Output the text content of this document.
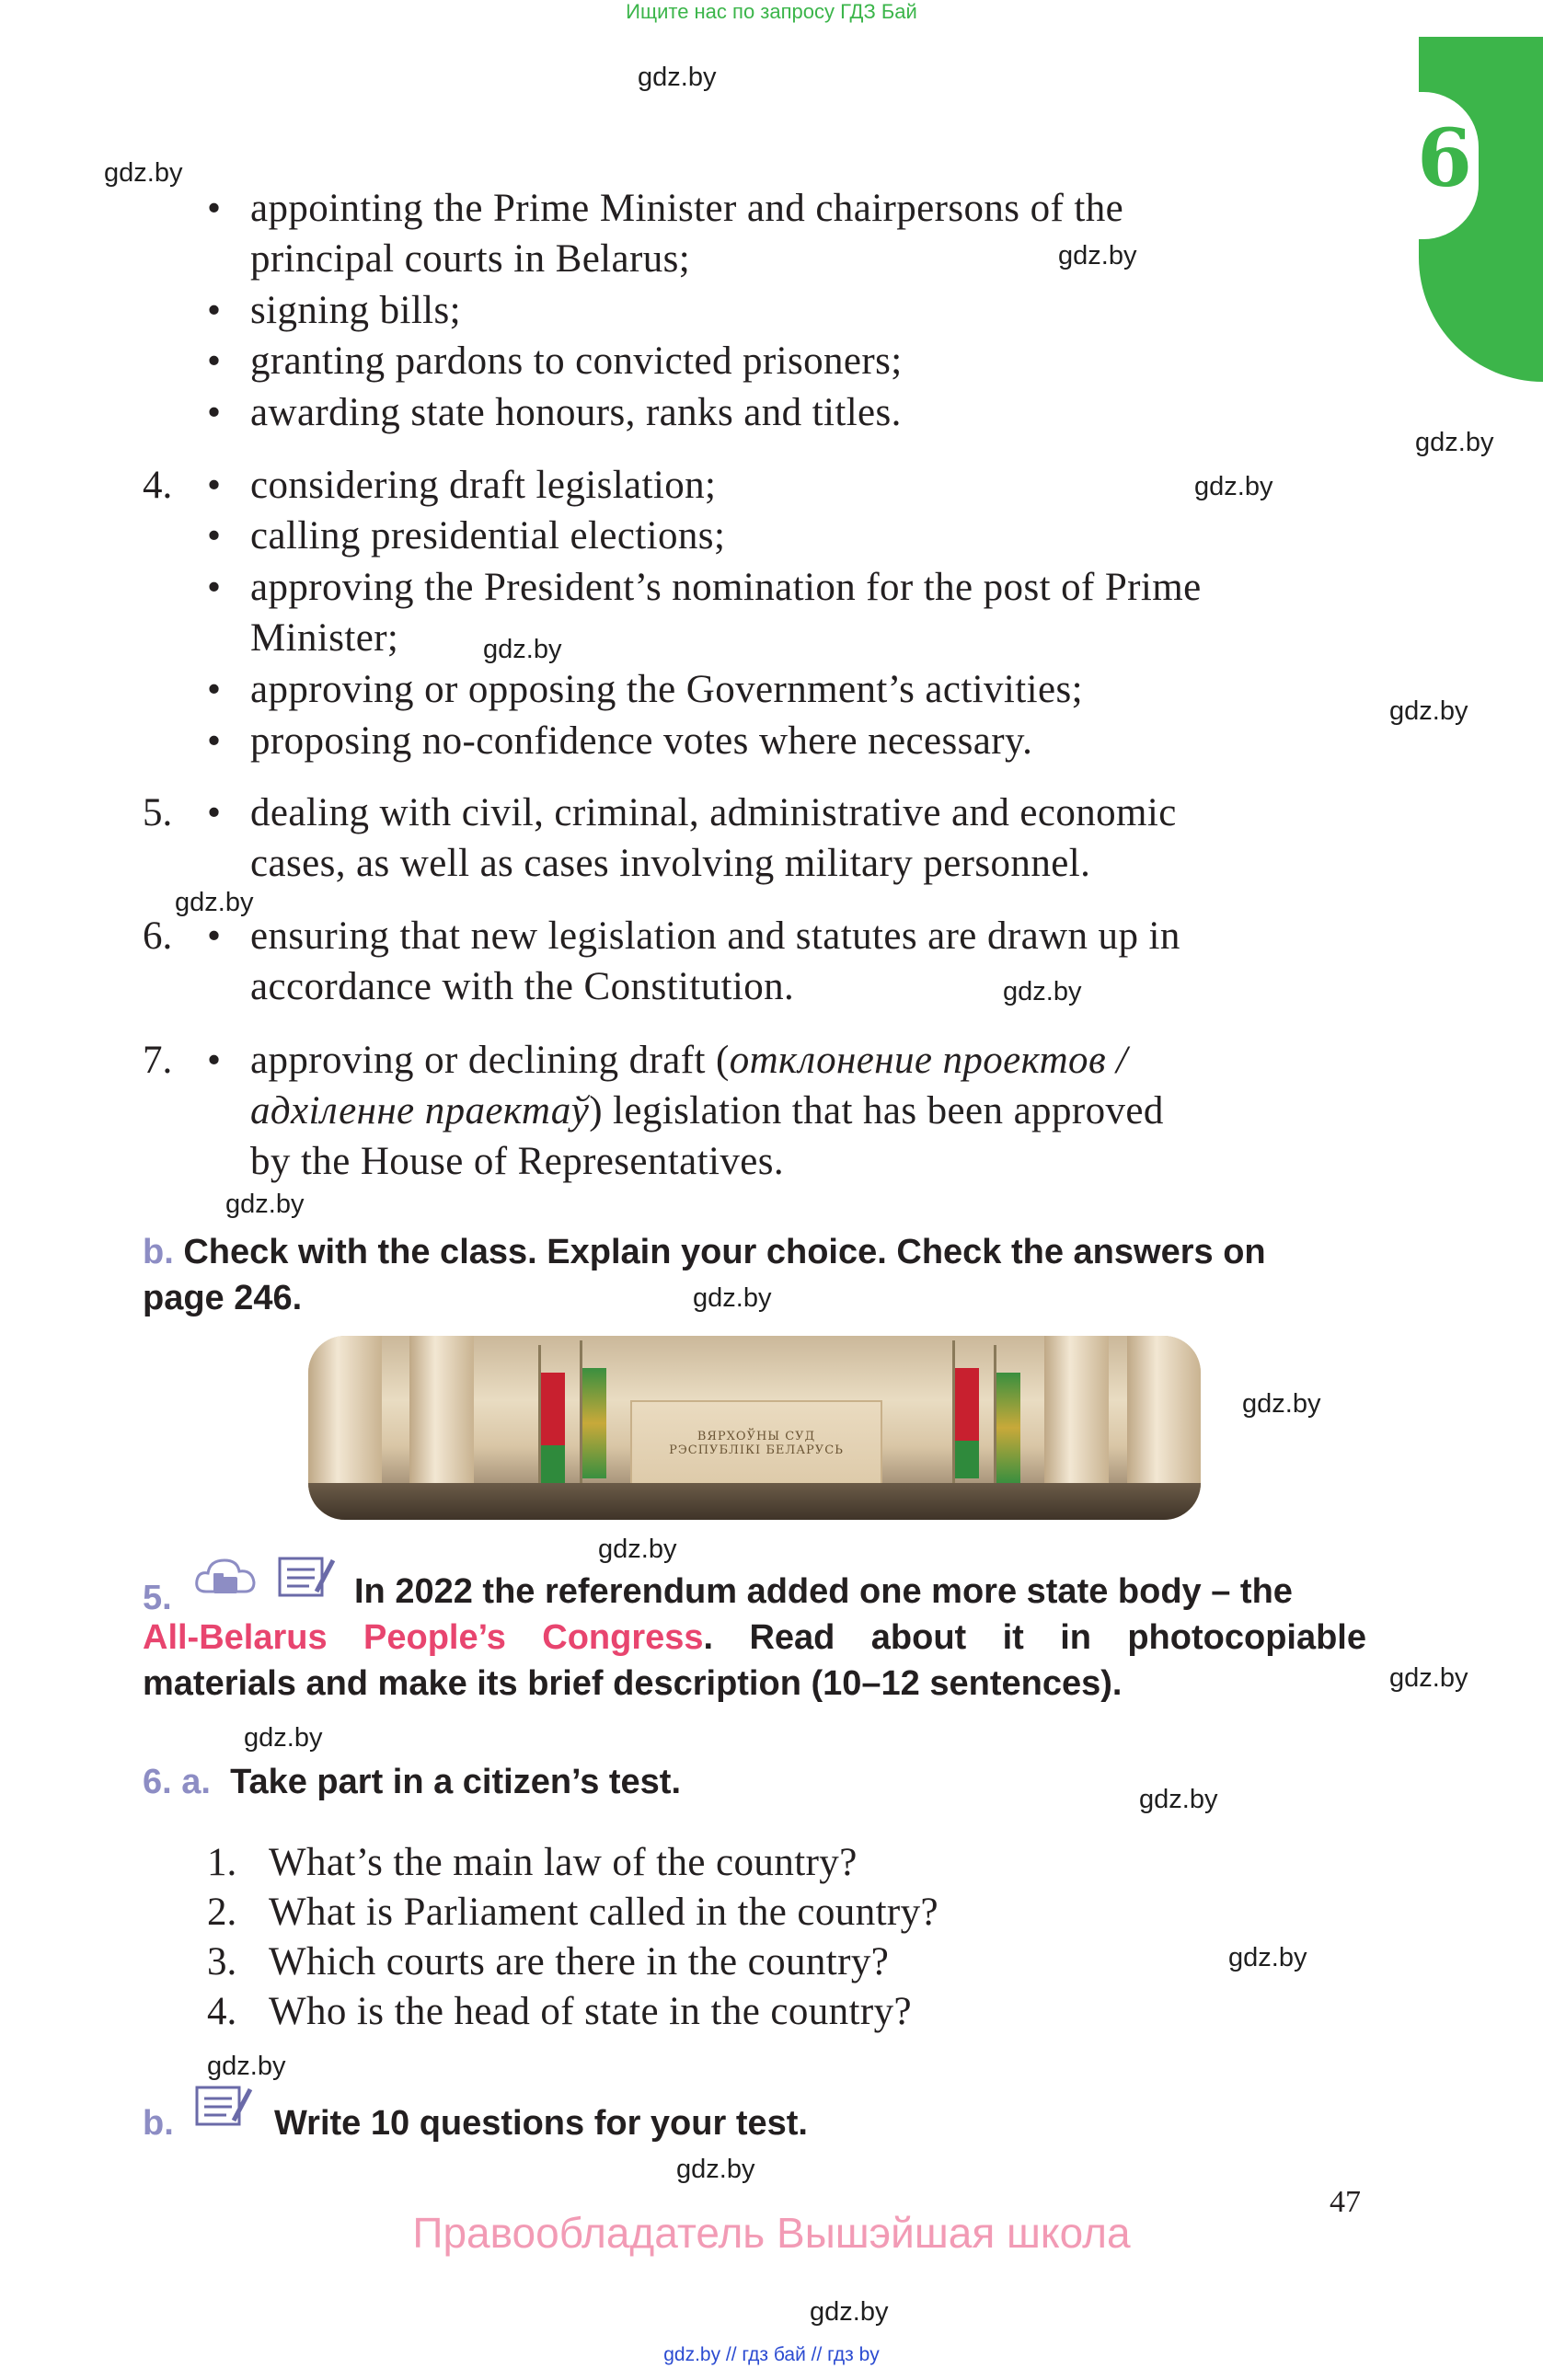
Ищите нас по запросу ГДЗ Бай
6
gdz.by
gdz.by
gdz.by
gdz.by
gdz.by
gdz.by
gdz.by
gdz.by
gdz.by
gdz.by
gdz.by
gdz.by
gdz.by
gdz.by
gdz.by
gdz.by
gdz.by
gdz.by
gdz.by
gdz.by
• appointing the Prime Minister and chairpersons of the
principal courts in Belarus;
• signing bills;
• granting pardons to convicted prisoners;
• awarding state honours, ranks and titles.
4. • considering draft legislation;
• calling presidential elections;
• approving the President’s nomination for the post of Prime
Minister;
• approving or opposing the Government’s activities;
• proposing no-confidence votes where necessary.
5. • dealing with civil, criminal, administrative and economic
cases, as well as cases involving military personnel.
6. • ensuring that new legislation and statutes are drawn up in
accordance with the Constitution.
7. • approving or declining draft (отклонение проектов /
адхіленне праектаў) legislation that has been approved
by the House of Representatives.
b. Check with the class. Explain your choice. Check the answers on
page 246.
ВЯРХОЎНЫ СУД
РЭСПУБЛІКІ БЕЛАРУСЬ
5.	In 2022 the referendum added one more state body – the
All-Belarus People’s Congress. Read about it in photocopiable
materials and make its brief description (10–12 sentences).
6. a. Take part in a citizen’s test.
1. What’s the main law of the country?
2. What is Parliament called in the country?
3. Which courts are there in the country?
4. Who is the head of state in the country?
b.	Write 10 questions for your test.
47
Правообладатель Вышэйшая школа
gdz.by // гдз бай // гдз by
